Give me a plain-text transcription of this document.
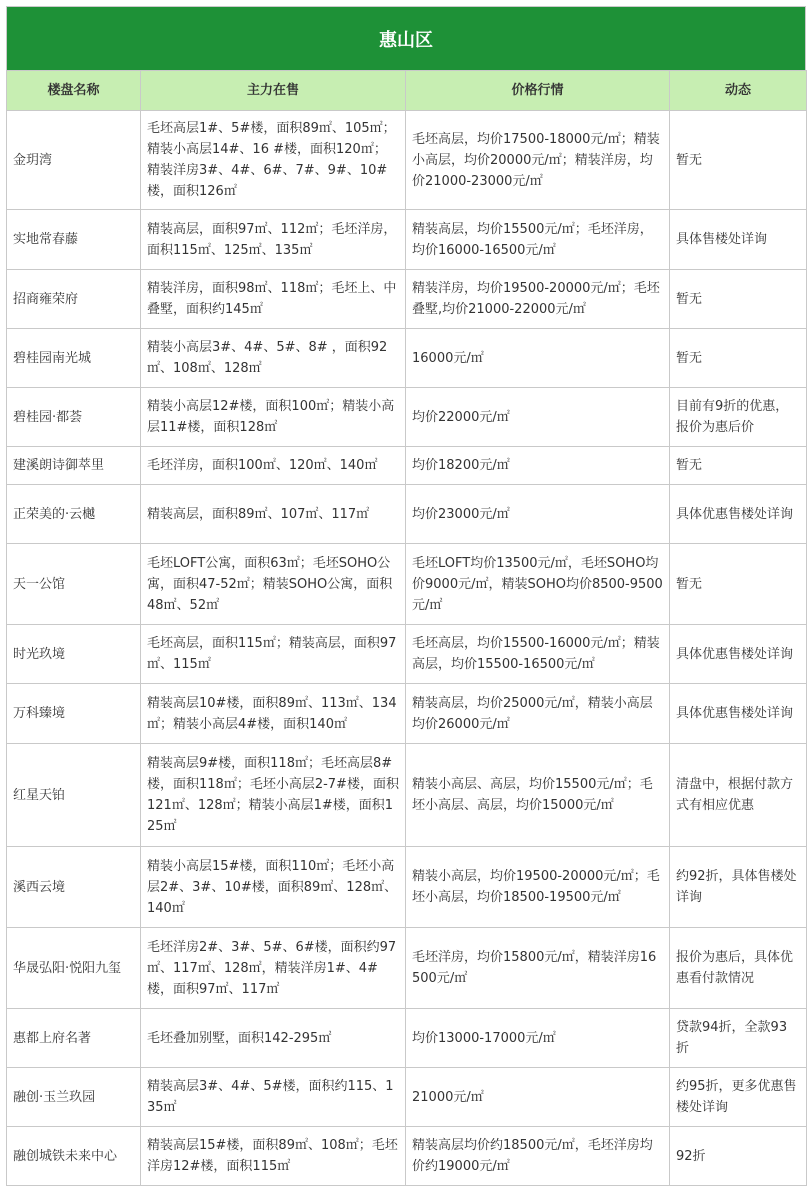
惠山区
楼盘名称	主力在售	价格行情	动态
金玥湾	毛坯高层1#、5#楼，面积89㎡、105㎡；精装小高层14#、16 #楼，面积120㎡；精装洋房3#、4#、6#、7#、9#、10#楼，面积126㎡	毛坯高层，均价17500-18000元/㎡；精装小高层，均价20000元/㎡；精装洋房，均价21000-23000元/㎡	暂无
实地常春藤	精装高层，面积97㎡、112㎡；毛坯洋房，面积115㎡、125㎡、135㎡	精装高层，均价15500元/㎡；毛坯洋房，均价16000-16500元/㎡	具体售楼处详询
招商雍荣府	精装洋房，面积98㎡、118㎡；毛坯上、中叠墅，面积约145㎡	精装洋房，均价19500-20000元/㎡；毛坯叠墅,均价21000-22000元/㎡	暂无
碧桂园南光城	精装小高层3#、4#、5#、8# ，面积92㎡、108㎡、128㎡	16000元/㎡	暂无
碧桂园·都荟	精装小高层12#楼，面积100㎡；精装小高层11#楼，面积128㎡	均价22000元/㎡	目前有9折的优惠，报价为惠后价
建溪朗诗御萃里	毛坯洋房，面积100㎡、120㎡、140㎡	均价18200元/㎡	暂无
正荣美的·云樾	精装高层，面积89㎡、107㎡、117㎡	均价23000元/㎡	具体优惠售楼处详询
天一公馆	毛坯LOFT公寓，面积63㎡；毛坯SOHO公寓，面积47-52㎡；精装SOHO公寓，面积48㎡、52㎡	毛坯LOFT均价13500元/㎡，毛坯SOHO均价9000元/㎡，精装SOHO均价8500-9500元/㎡	暂无
时光玖境	毛坯高层，面积115㎡；精装高层，面积97㎡、115㎡	毛坯高层，均价15500-16000元/㎡；精装高层，均价15500-16500元/㎡	具体优惠售楼处详询
万科臻境	精装高层10#楼，面积89㎡、113㎡、134㎡；精装小高层4#楼，面积140㎡	精装高层，均价25000元/㎡，精装小高层均价26000元/㎡	具体优惠售楼处详询
红星天铂	精装高层9#楼，面积118㎡；毛坯高层8#楼，面积118㎡；毛坯小高层2-7#楼，面积121㎡、128㎡；精装小高层1#楼，面积125㎡	精装小高层、高层，均价15500元/㎡；毛坯小高层、高层，均价15000元/㎡	清盘中，根据付款方式有相应优惠
溪西云境	精装小高层15#楼，面积110㎡；毛坯小高层2#、3#、10#楼，面积89㎡、128㎡、140㎡	精装小高层，均价19500-20000元/㎡；毛坯小高层，均价18500-19500元/㎡	约92折，具体售楼处详询
华晟弘阳·悦阳九玺	毛坯洋房2#、3#、5#、6#楼，面积约97㎡、117㎡、128㎡，精装洋房1#、4#楼，面积97㎡、117㎡	毛坯洋房，均价15800元/㎡，精装洋房16500元/㎡	报价为惠后，具体优惠看付款情况
惠都上府名著	毛坯叠加别墅，面积142-295㎡	均价13000-17000元/㎡	贷款94折，全款93折
融创·玉兰玖园	精装高层3#、4#、5#楼，面积约115、135㎡	21000元/㎡	约95折，更多优惠售楼处详询
融创城铁未来中心	精装高层15#楼，面积89㎡、108㎡；毛坯洋房12#楼，面积115㎡	精装高层均价约18500元/㎡，毛坯洋房均价约19000元/㎡	92折
